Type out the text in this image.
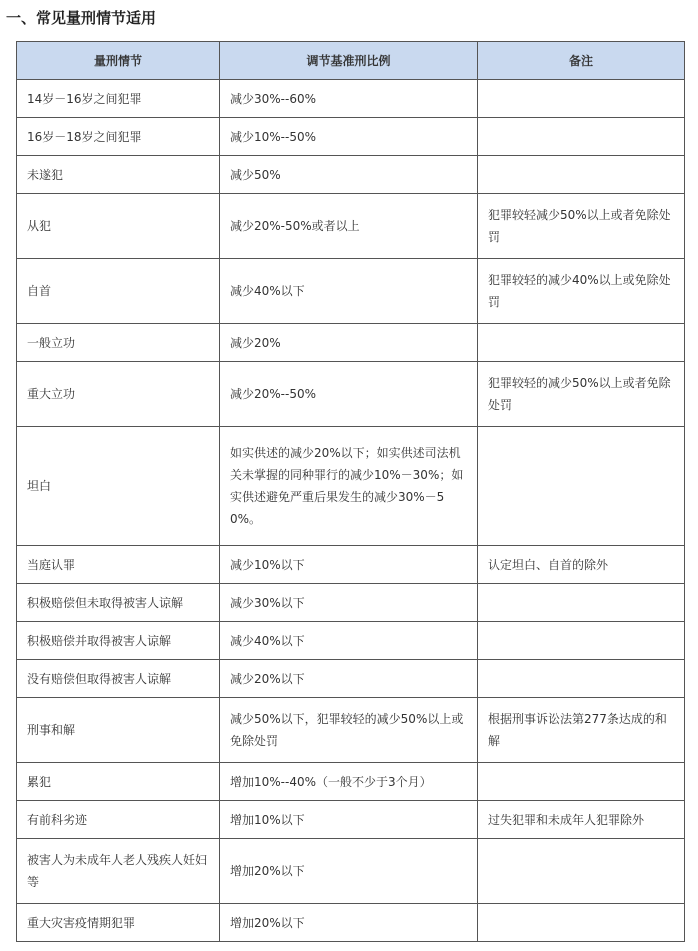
一、常见量刑情节适用
量刑情节	调节基准刑比例	备注
14岁－16岁之间犯罪	减少30%--60%	
16岁－18岁之间犯罪	减少10%--50%	
未遂犯	减少50%	
从犯	减少20%-50%或者以上	犯罪较轻减少50%以上或者免除处罚
自首	减少40%以下	犯罪较轻的减少40%以上或免除处罚
一般立功	减少20%	
重大立功	减少20%--50%	犯罪较轻的减少50%以上或者免除处罚
坦白	如实供述的减少20%以下；如实供述司法机关未掌握的同种罪行的减少10%－30%；如实供述避免严重后果发生的减少30%－50%。	
当庭认罪	减少10%以下	认定坦白、自首的除外
积极赔偿但未取得被害人谅解	减少30%以下	
积极赔偿并取得被害人谅解	减少40%以下	
没有赔偿但取得被害人谅解	减少20%以下	
刑事和解	减少50%以下，犯罪较轻的减少50%以上或免除处罚	根据刑事诉讼法第277条达成的和解
累犯	增加10%--40%（一般不少于3个月）	
有前科劣迹	增加10%以下	过失犯罪和未成年人犯罪除外
被害人为未成年人老人残疾人妊妇等	增加20%以下	
重大灾害疫情期犯罪	增加20%以下	
